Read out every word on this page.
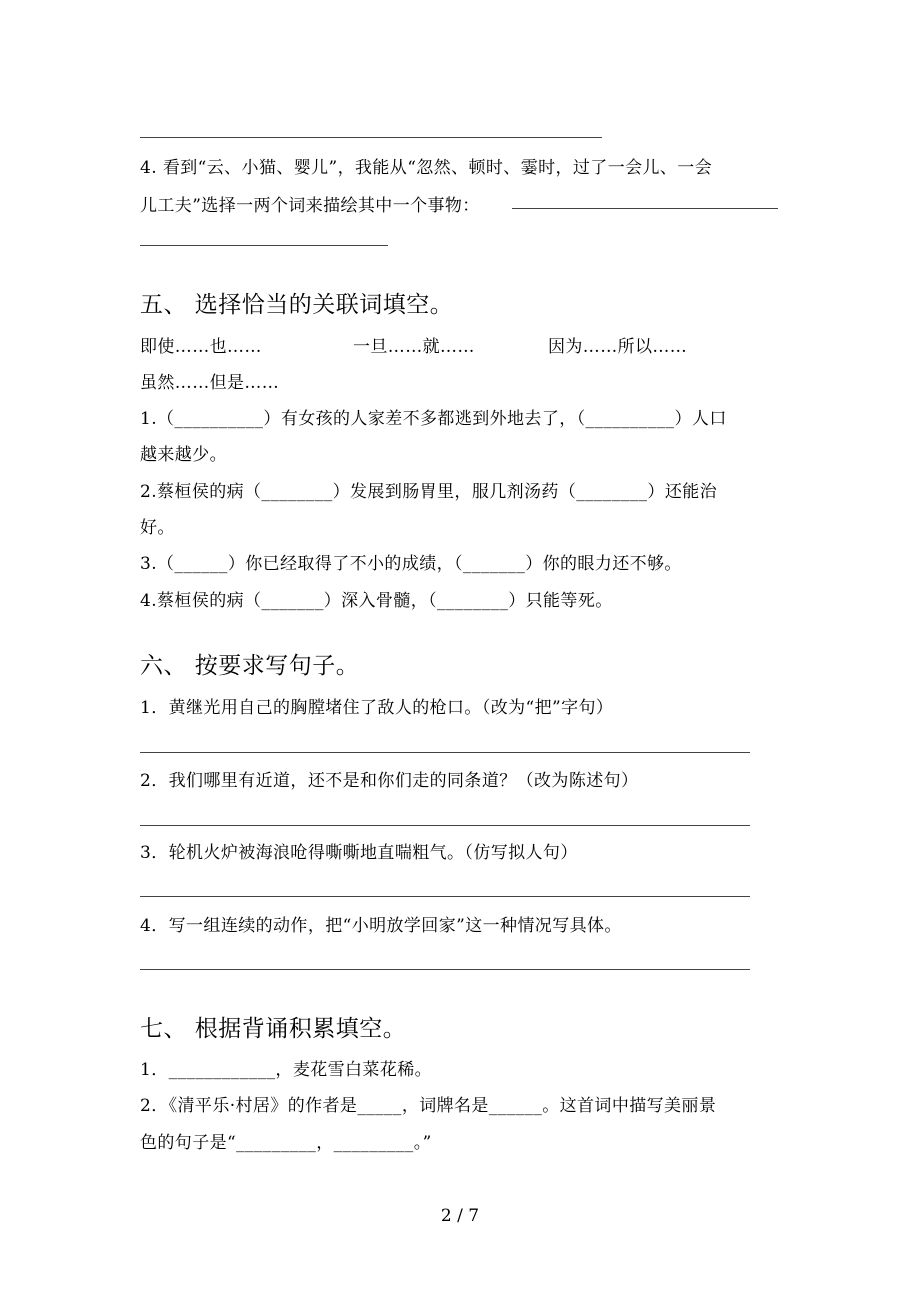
4. 看到“云、小猫、婴儿”，我能从“忽然、顿时、霎时，过了一会儿、一会
儿工夫”选择一两个词来描绘其中一个事物：
五、 选择恰当的关联词填空。
即使……也……	一旦……就……	因为……所以……
虽然……但是……
1.（__________）有女孩的人家差不多都逃到外地去了，（__________）人口
越来越少。
2.蔡桓侯的病（________）发展到肠胃里，服几剂汤药（________）还能治
好。
3.（______）你已经取得了不小的成绩，（_______）你的眼力还不够。
4.蔡桓侯的病（_______）深入骨髓，（________）只能等死。
六、 按要求写句子。
1．黄继光用自己的胸膛堵住了敌人的枪口。（改为“把”字句）
2．我们哪里有近道，还不是和你们走的同条道？（改为陈述句）
3．轮机火炉被海浪呛得嘶嘶地直喘粗气。（仿写拟人句）
4．写一组连续的动作，把“小明放学回家”这一种情况写具体。
七、 根据背诵积累填空。
1．____________，麦花雪白菜花稀。
2．《清平乐·村居》的作者是_____，词牌名是______。这首词中描写美丽景
色的句子是“_________，_________。”
2 / 7
